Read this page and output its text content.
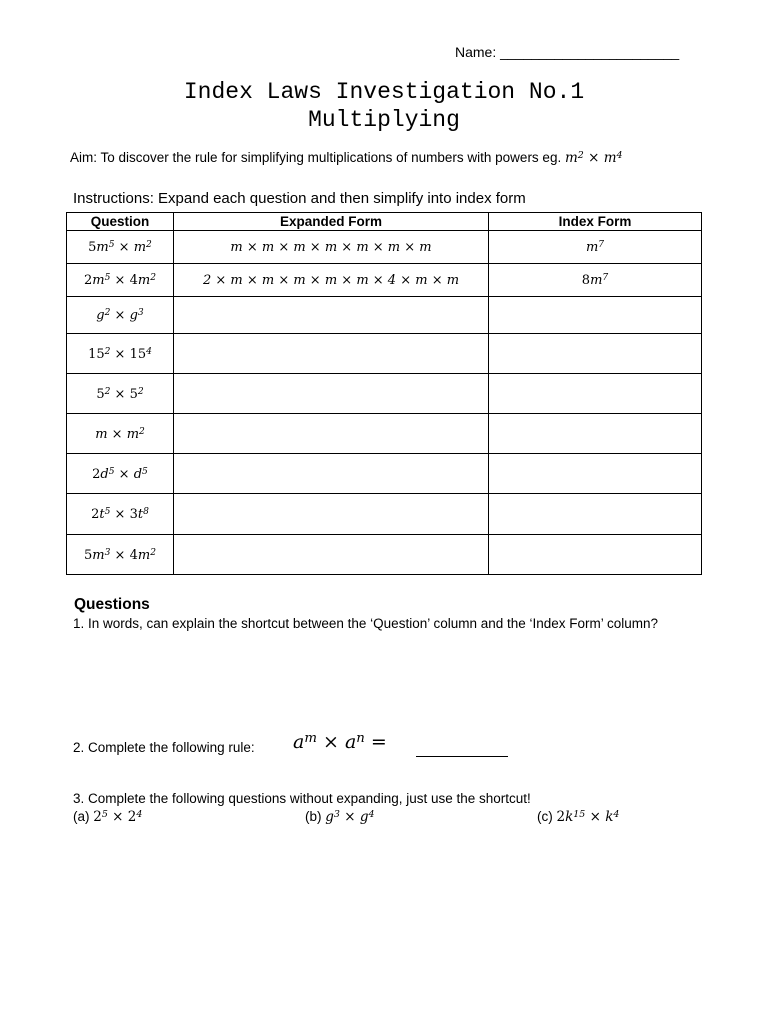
Name: _______________________
Index Laws Investigation No.1
Multiplying
Aim: To discover the rule for simplifying multiplications of numbers with powers eg. $m^2 \times m^4$
Instructions: Expand each question and then simplify into index form
Question	Expanded Form	Index Form
$5m^5 \times m^2$	m × m × m × m × m × m × m	$m^7$
$2m^5 \times 4m^2$	2 × m × m × m × m × m × 4 × m × m	$8m^7$
$g^2 \times g^3$		
$15^2 \times 15^4$		
$5^2 \times 5^2$		
$m \times m^2$		
$2d^5 \times d^5$		
$2t^5 \times 3t^8$		
$5m^3 \times 4m^2$		
Questions
1. In words, can explain the shortcut between the ‘Question’ column and the ‘Index Form’ column?
2. Complete the following rule: $a^m \times a^n$ =
3. Complete the following questions without expanding, just use the shortcut!
(a) $2^5 \times 2^4$	(b) $g^3 \times g^4$	(c) $2k^{15} \times k^4$
